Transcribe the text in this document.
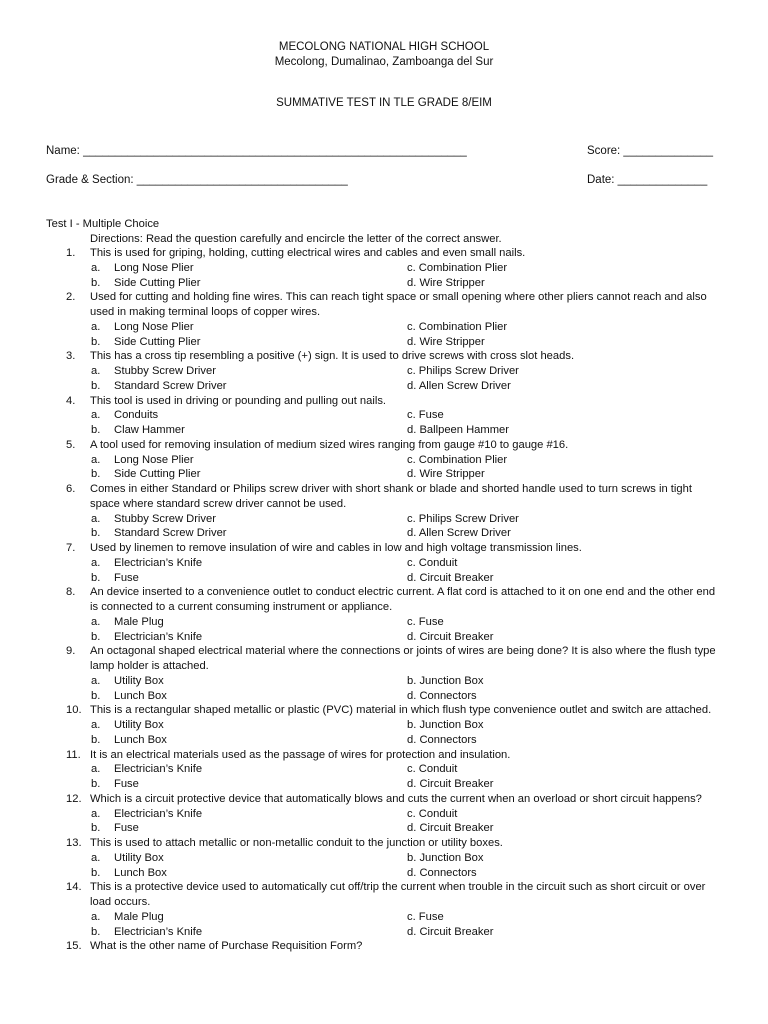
MECOLONG NATIONAL HIGH SCHOOL
Mecolong, Dumalinao, Zamboanga del Sur
SUMMATIVE TEST IN TLE GRADE 8/EIM
Name: ____________________________________________________________	Score: ______________
Grade & Section: _________________________________	Date: ______________
Test I - Multiple Choice
Directions: Read the question carefully and encircle the letter of the correct answer.
1. This is used for griping, holding, cutting electrical wires and cables and even small nails.
a. Long Nose Plier	c. Combination Plier
b. Side Cutting Plier	d. Wire Stripper
2. Used for cutting and holding fine wires. This can reach tight space or small opening where other pliers cannot reach and also used in making terminal loops of copper wires.
a. Long Nose Plier	c. Combination Plier
b. Side Cutting Plier	d. Wire Stripper
3. This has a cross tip resembling a positive (+) sign. It is used to drive screws with cross slot heads.
a. Stubby Screw Driver	c. Philips Screw Driver
b. Standard Screw Driver	d. Allen Screw Driver
4. This tool is used in driving or pounding and pulling out nails.
a. Conduits	c. Fuse
b. Claw Hammer	d. Ballpeen Hammer
5. A tool used for removing insulation of medium sized wires ranging from gauge #10 to gauge #16.
a. Long Nose Plier	c. Combination Plier
b. Side Cutting Plier	d. Wire Stripper
6. Comes in either Standard or Philips screw driver with short shank or blade and shorted handle used to turn screws in tight space where standard screw driver cannot be used.
a. Stubby Screw Driver	c. Philips Screw Driver
b. Standard Screw Driver	d. Allen Screw Driver
7. Used by linemen to remove insulation of wire and cables in low and high voltage transmission lines.
a. Electrician’s Knife	c. Conduit
b. Fuse	d. Circuit Breaker
8. An device inserted to a convenience outlet to conduct electric current. A flat cord is attached to it on one end and the other end is connected to a current consuming instrument or appliance.
a. Male Plug	c. Fuse
b. Electrician’s Knife	d. Circuit Breaker
9. An octagonal shaped electrical material where the connections or joints of wires are being done? It is also where the flush type lamp holder is attached.
a. Utility Box	b. Junction Box
b. Lunch Box	d. Connectors
10. This is a rectangular shaped metallic or plastic (PVC) material in which flush type convenience outlet and switch are attached.
a. Utility Box	b. Junction Box
b. Lunch Box	d. Connectors
11. It is an electrical materials used as the passage of wires for protection and insulation.
a. Electrician’s Knife	c. Conduit
b. Fuse	d. Circuit Breaker
12. Which is a circuit protective device that automatically blows and cuts the current when an overload or short circuit happens?
a. Electrician’s Knife	c. Conduit
b. Fuse	d. Circuit Breaker
13. This is used to attach metallic or non-metallic conduit to the junction or utility boxes.
a. Utility Box	b. Junction Box
b. Lunch Box	d. Connectors
14. This is a protective device used to automatically cut off/trip the current when trouble in the circuit such as short circuit or over load occurs.
a. Male Plug	c. Fuse
b. Electrician’s Knife	d. Circuit Breaker
15. What is the other name of Purchase Requisition Form?
